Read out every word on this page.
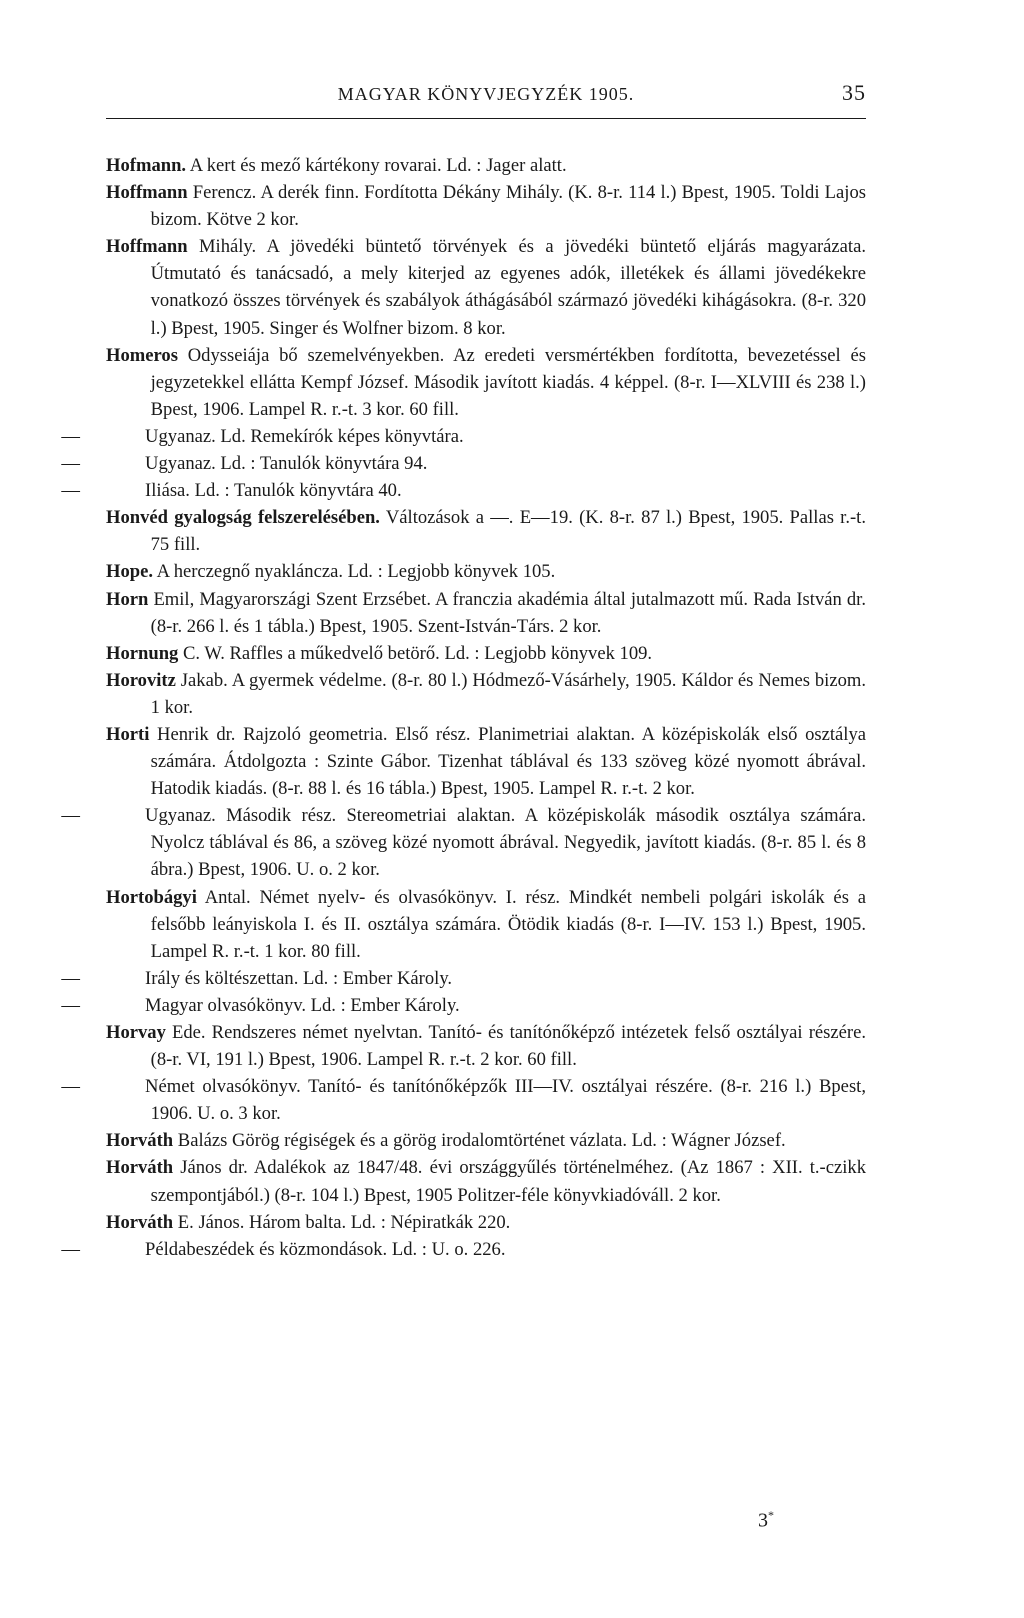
MAGYAR KÖNYVJEGYZÉK 1905.	35
Hofmann. A kert és mező kártékony rovarai. Ld. : Jager alatt.
Hoffmann Ferencz. A derék finn. Fordította Dékány Mihály. (K. 8-r. 114 l.) Bpest, 1905. Toldi Lajos bizom. Kötve 2 kor.
Hoffmann Mihály. A jövedéki büntető törvények és a jövedéki büntető eljárás magyarázata. Útmutató és tanácsadó, a mely kiterjed az egyenes adók, illetékek és állami jövedékekre vonatkozó összes törvények és szabályok áthágásából származó jövedéki kihágásokra. (8-r. 320 l.) Bpest, 1905. Singer és Wolfner bizom. 8 kor.
Homeros Odysseiája bő szemelvényekben. Az eredeti versmértékben fordította, bevezetéssel és jegyzetekkel ellátta Kempf József. Második javított kiadás. 4 képpel. (8-r. I—XLVIII és 238 l.) Bpest, 1906. Lampel R. r.-t. 3 kor. 60 fill.
—	Ugyanaz. Ld. Remekírók képes könyvtára.
—	Ugyanaz. Ld. : Tanulók könyvtára 94.
—	Iliása. Ld. : Tanulók könyvtára 40.
Honvéd gyalogság felszerelésében. Változások a —. E—19. (K. 8-r. 87 l.) Bpest, 1905. Pallas r.-t. 75 fill.
Hope. A herczegnő nyakláncza. Ld. : Legjobb könyvek 105.
Horn Emil, Magyarországi Szent Erzsébet. A franczia akadémia által jutalmazott mű. Rada István dr. (8-r. 266 l. és 1 tábla.) Bpest, 1905. Szent-István-Társ. 2 kor.
Hornung C. W. Raffles a műkedvelő betörő. Ld. : Legjobb könyvek 109.
Horovitz Jakab. A gyermek védelme. (8-r. 80 l.) Hódmező-Vásárhely, 1905. Káldor és Nemes bizom. 1 kor.
Horti Henrik dr. Rajzoló geometria. Első rész. Planimetriai alaktan. A középiskolák első osztálya számára. Átdolgozta : Szinte Gábor. Tizenhat táblával és 133 szöveg közé nyomott ábrával. Hatodik kiadás. (8-r. 88 l. és 16 tábla.) Bpest, 1905. Lampel R. r.-t. 2 kor.
—	Ugyanaz. Második rész. Stereometriai alaktan. A középiskolák második osztálya számára. Nyolcz táblával és 86, a szöveg közé nyomott ábrával. Negyedik, javított kiadás. (8-r. 85 l. és 8 ábra.) Bpest, 1906. U. o. 2 kor.
Hortobágyi Antal. Német nyelv- és olvasókönyv. I. rész. Mindkét nembeli polgári iskolák és a felsőbb leányiskola I. és II. osztálya számára. Ötödik kiadás (8-r. I—IV. 153 l.) Bpest, 1905. Lampel R. r.-t. 1 kor. 80 fill.
—	Irály és költészettan. Ld. : Ember Károly.
—	Magyar olvasókönyv. Ld. : Ember Károly.
Horvay Ede. Rendszeres német nyelvtan. Tanító- és tanítónőképző intézetek felső osztályai részére. (8-r. VI, 191 l.) Bpest, 1906. Lampel R. r.-t. 2 kor. 60 fill.
—	Német olvasókönyv. Tanító- és tanítónőképzők III—IV. osztályai részére. (8-r. 216 l.) Bpest, 1906. U. o. 3 kor.
Horváth Balázs Görög régiségek és a görög irodalomtörténet vázlata. Ld. : Wágner József.
Horváth János dr. Adalékok az 1847/48. évi országgyűlés történelméhez. (Az 1867 : XII. t.-czikk szempontjából.) (8-r. 104 l.) Bpest, 1905 Politzer-féle könyvkiadóváll. 2 kor.
Horváth E. János. Három balta. Ld. : Népiratkák 220.
—	Példabeszédek és közmondások. Ld. : U. o. 226.
3*
